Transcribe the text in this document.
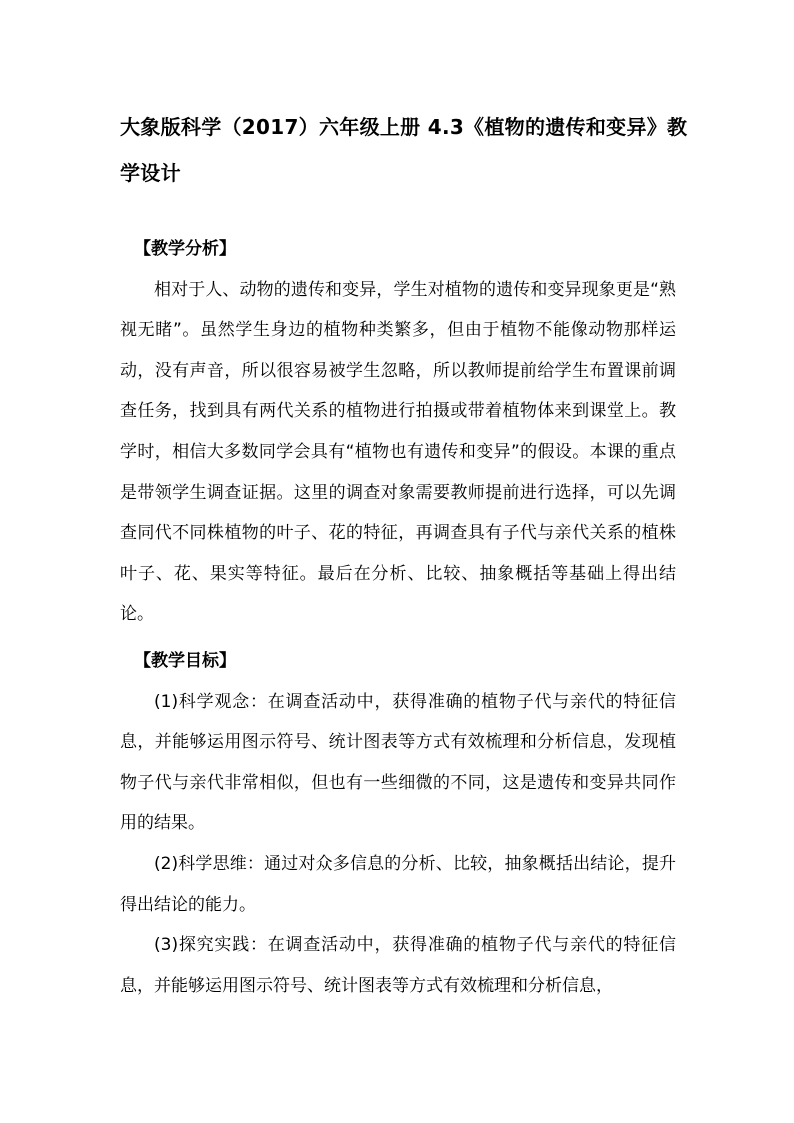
大象版科学（2017）六年级上册 4.3《植物的遗传和变异》教学设计

【教学分析】

相对于人、动物的遗传和变异，学生对植物的遗传和变异现象更是“熟视无睹”。虽然学生身边的植物种类繁多，但由于植物不能像动物那样运动，没有声音，所以很容易被学生忽略，所以教师提前给学生布置课前调查任务，找到具有两代关系的植物进行拍摄或带着植物体来到课堂上。教学时，相信大多数同学会具有“植物也有遗传和变异”的假设。本课的重点是带领学生调查证据。这里的调查对象需要教师提前进行选择，可以先调查同代不同株植物的叶子、花的特征，再调查具有子代与亲代关系的植株叶子、花、果实等特征。最后在分析、比较、抽象概括等基础上得出结论。

【教学目标】

(1)科学观念：在调查活动中，获得准确的植物子代与亲代的特征信息，并能够运用图示符号、统计图表等方式有效梳理和分析信息，发现植物子代与亲代非常相似，但也有一些细微的不同，这是遗传和变异共同作用的结果。

(2)科学思维：通过对众多信息的分析、比较，抽象概括出结论，提升得出结论的能力。

(3)探究实践：在调查活动中，获得准确的植物子代与亲代的特征信息，并能够运用图示符号、统计图表等方式有效梳理和分析信息，
